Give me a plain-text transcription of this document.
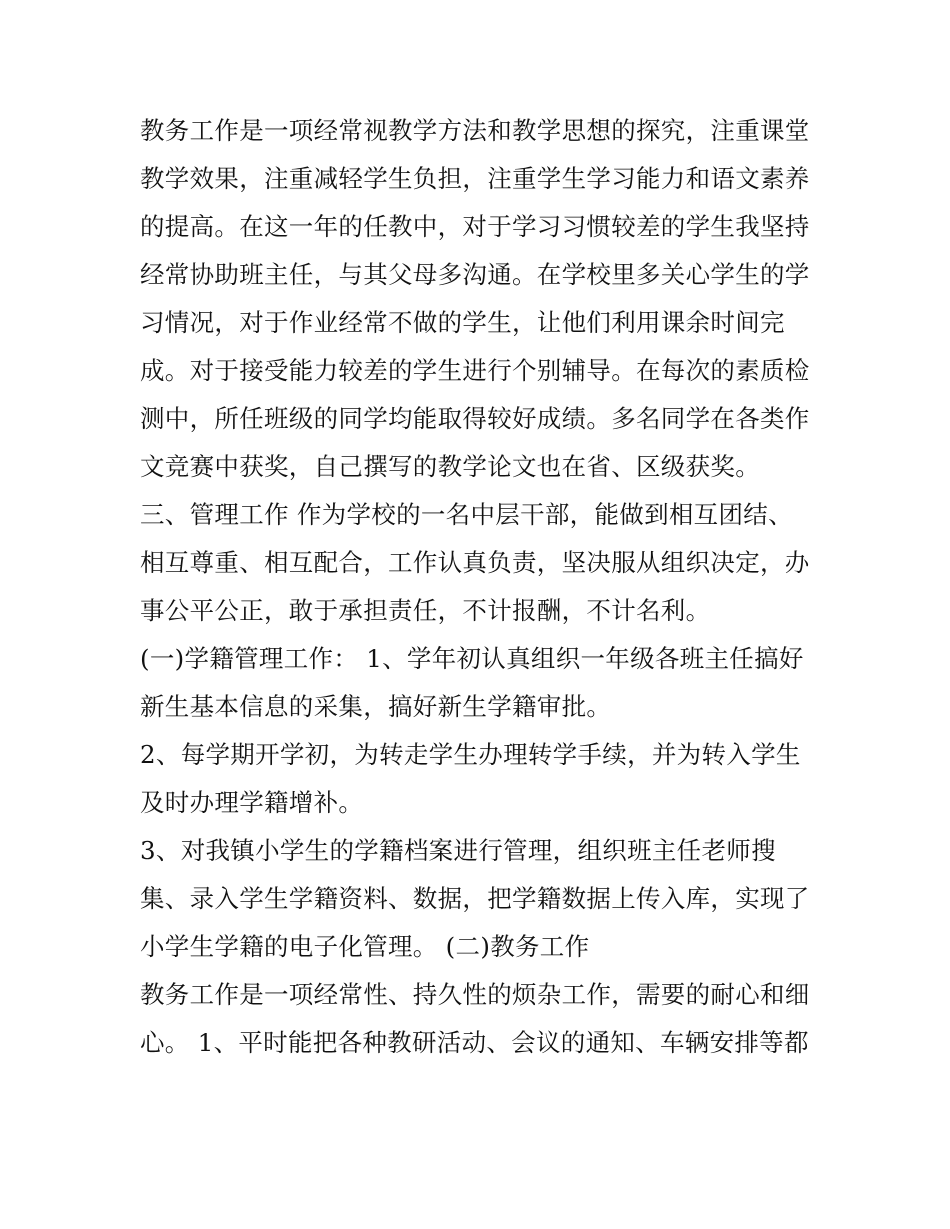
教务工作是一项经常视教学方法和教学思想的探究，注重课堂

教学效果，注重减轻学生负担，注重学生学习能力和语文素养

的提高。在这一年的任教中，对于学习习惯较差的学生我坚持

经常协助班主任，与其父母多沟通。在学校里多关心学生的学

习情况，对于作业经常不做的学生，让他们利用课余时间完

成。对于接受能力较差的学生进行个别辅导。在每次的素质检

测中，所任班级的同学均能取得较好成绩。多名同学在各类作

文竞赛中获奖，自己撰写的教学论文也在省、区级获奖。

三、管理工作 作为学校的一名中层干部，能做到相互团结、

相互尊重、相互配合，工作认真负责，坚决服从组织决定，办

事公平公正，敢于承担责任，不计报酬，不计名利。

(一)学籍管理工作： 1、学年初认真组织一年级各班主任搞好

新生基本信息的采集，搞好新生学籍审批。

2、每学期开学初，为转走学生办理转学手续，并为转入学生

及时办理学籍增补。

3、对我镇小学生的学籍档案进行管理，组织班主任老师搜

集、录入学生学籍资料、数据，把学籍数据上传入库，实现了

小学生学籍的电子化管理。 (二)教务工作

教务工作是一项经常性、持久性的烦杂工作，需要的耐心和细

心。 1、平时能把各种教研活动、会议的通知、车辆安排等都
